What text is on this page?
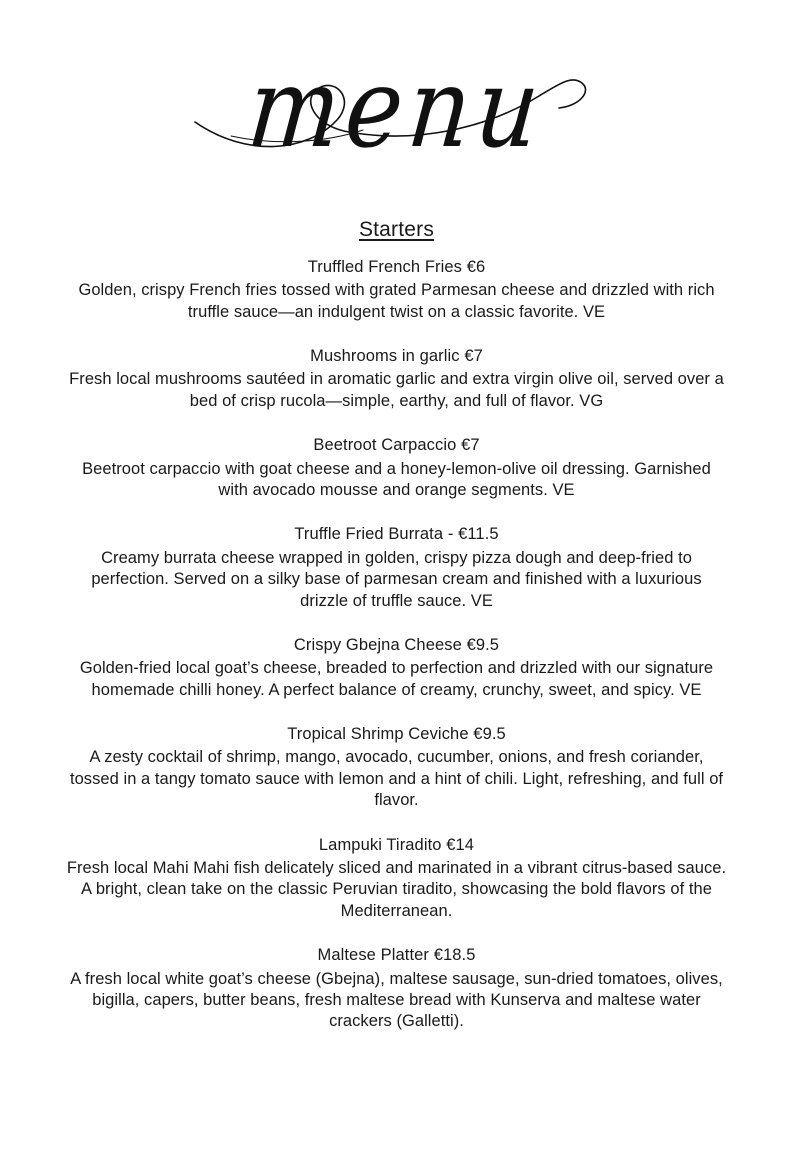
menu
Starters
Truffled French Fries €6
Golden, crispy French fries tossed with grated Parmesan cheese and drizzled with rich truffle sauce—an indulgent twist on a classic favorite. VE
Mushrooms in garlic €7
Fresh local mushrooms sautéed in aromatic garlic and extra virgin olive oil, served over a bed of crisp rucola—simple, earthy, and full of flavor. VG
Beetroot Carpaccio €7
Beetroot carpaccio with goat cheese and a honey-lemon-olive oil dressing. Garnished with avocado mousse and orange segments. VE
Truffle Fried Burrata - €11.5
Creamy burrata cheese wrapped in golden, crispy pizza dough and deep-fried to perfection. Served on a silky base of parmesan cream and finished with a luxurious drizzle of truffle sauce. VE
Crispy Gbejna Cheese €9.5
Golden-fried local goat’s cheese, breaded to perfection and drizzled with our signature homemade chilli honey. A perfect balance of creamy, crunchy, sweet, and spicy. VE
Tropical Shrimp Ceviche €9.5
A zesty cocktail of shrimp, mango, avocado, cucumber, onions, and fresh coriander, tossed in a tangy tomato sauce with lemon and a hint of chili. Light, refreshing, and full of flavor.
Lampuki Tiradito €14
Fresh local Mahi Mahi fish delicately sliced and marinated in a vibrant citrus-based sauce. A bright, clean take on the classic Peruvian tiradito, showcasing the bold flavors of the Mediterranean.
Maltese Platter €18.5
A fresh local white goat’s cheese (Gbejna), maltese sausage, sun-dried tomatoes, olives, bigilla, capers, butter beans, fresh maltese bread with Kunserva and maltese water crackers (Galletti).
